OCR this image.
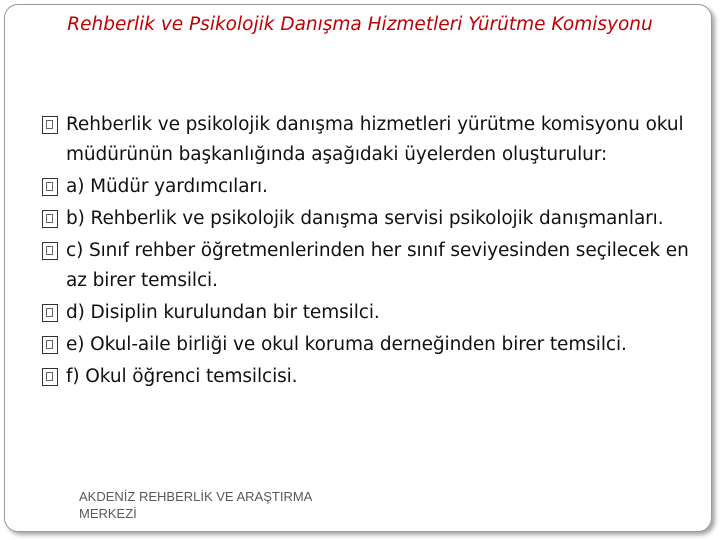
Rehberlik ve Psikolojik Danışma Hizmetleri Yürütme Komisyonu
Rehberlik ve psikolojik danışma hizmetleri yürütme komisyonu okul müdürünün başkanlığında aşağıdaki üyelerden oluşturulur:
a) Müdür yardımcıları.
b) Rehberlik ve psikolojik danışma servisi psikolojik danışmanları.
c) Sınıf rehber öğretmenlerinden her sınıf seviyesinden seçilecek en az birer temsilci.
d) Disiplin kurulundan bir temsilci.
e) Okul-aile birliği ve okul koruma derneğinden birer temsilci.
f) Okul öğrenci temsilcisi.
AKDENİZ REHBERLİK VE ARAŞTIRMA MERKEZİ
